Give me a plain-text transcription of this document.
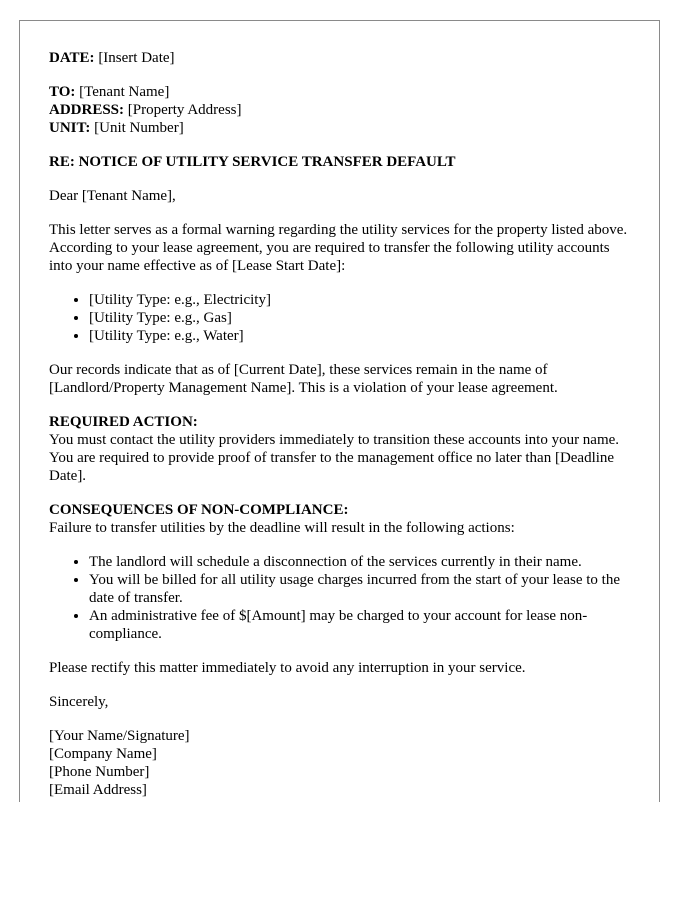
DATE: [Insert Date]

TO: [Tenant Name]
ADDRESS: [Property Address]
UNIT: [Unit Number]

RE: NOTICE OF UTILITY SERVICE TRANSFER DEFAULT

Dear [Tenant Name],

This letter serves as a formal warning regarding the utility services for the property listed above. According to your lease agreement, you are required to transfer the following utility accounts into your name effective as of [Lease Start Date]:

• [Utility Type: e.g., Electricity]
• [Utility Type: e.g., Gas]
• [Utility Type: e.g., Water]

Our records indicate that as of [Current Date], these services remain in the name of [Landlord/Property Management Name]. This is a violation of your lease agreement.

REQUIRED ACTION:
You must contact the utility providers immediately to transition these accounts into your name. You are required to provide proof of transfer to the management office no later than [Deadline Date].

CONSEQUENCES OF NON-COMPLIANCE:
Failure to transfer utilities by the deadline will result in the following actions:

• The landlord will schedule a disconnection of the services currently in their name.
• You will be billed for all utility usage charges incurred from the start of your lease to the date of transfer.
• An administrative fee of $[Amount] may be charged to your account for lease non-compliance.

Please rectify this matter immediately to avoid any interruption in your service.

Sincerely,

[Your Name/Signature]
[Company Name]
[Phone Number]
[Email Address]
